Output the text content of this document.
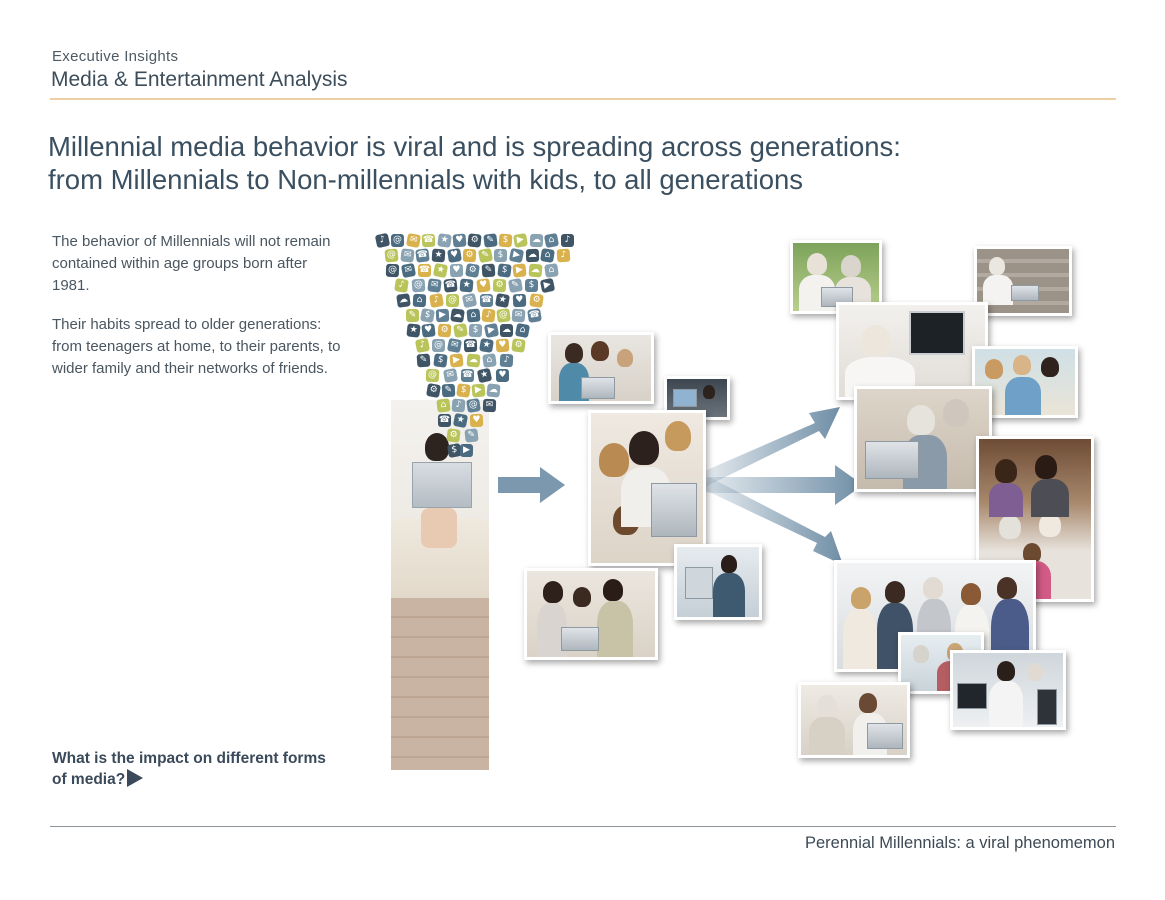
Executive Insights
Media & Entertainment Analysis
Millennial media behavior is viral and is spreading across generations:
from Millennials to Non-millennials with kids, to all generations
The behavior of Millennials will not remain contained within age groups born after 1981.
Their habits spread to older generations: from teenagers at home, to their parents, to wider family and their networks of friends.
What is the impact on different forms of media?
♪ @ ✉ ☎ ★ ♥ ⚙ ✎ $ ▶ ☁ ⌂	♪
@ ✉ ☎ ★ ♥ ⚙ ✎ $ ▶ ☁ ⌂	♪
@ ✉ ☎ ★ ♥ ⚙ ✎ $ ▶ ☁ ⌂
♪ @ ✉ ☎ ★ ♥ ⚙ ✎ $ ▶
☁ ⌂	♪ @ ✉ ☎ ★ ♥ ⚙
✎ $ ▶ ☁ ⌂ ♪ @ ✉ ☎
★ ♥ ⚙ ✎ $ ▶ ☁ ⌂
♪ @ ✉ ☎ ★ ♥ ⚙
✎	$ ▶ ☁ ⌂	♪
@ ✉ ☎ ★ ♥
⚙ ✎ $ ▶ ☁
⌂ ♪ @ ✉
☎ ★ ♥
⚙ ✎
$ ▶
Perennial Millennials: a viral phenomemon
